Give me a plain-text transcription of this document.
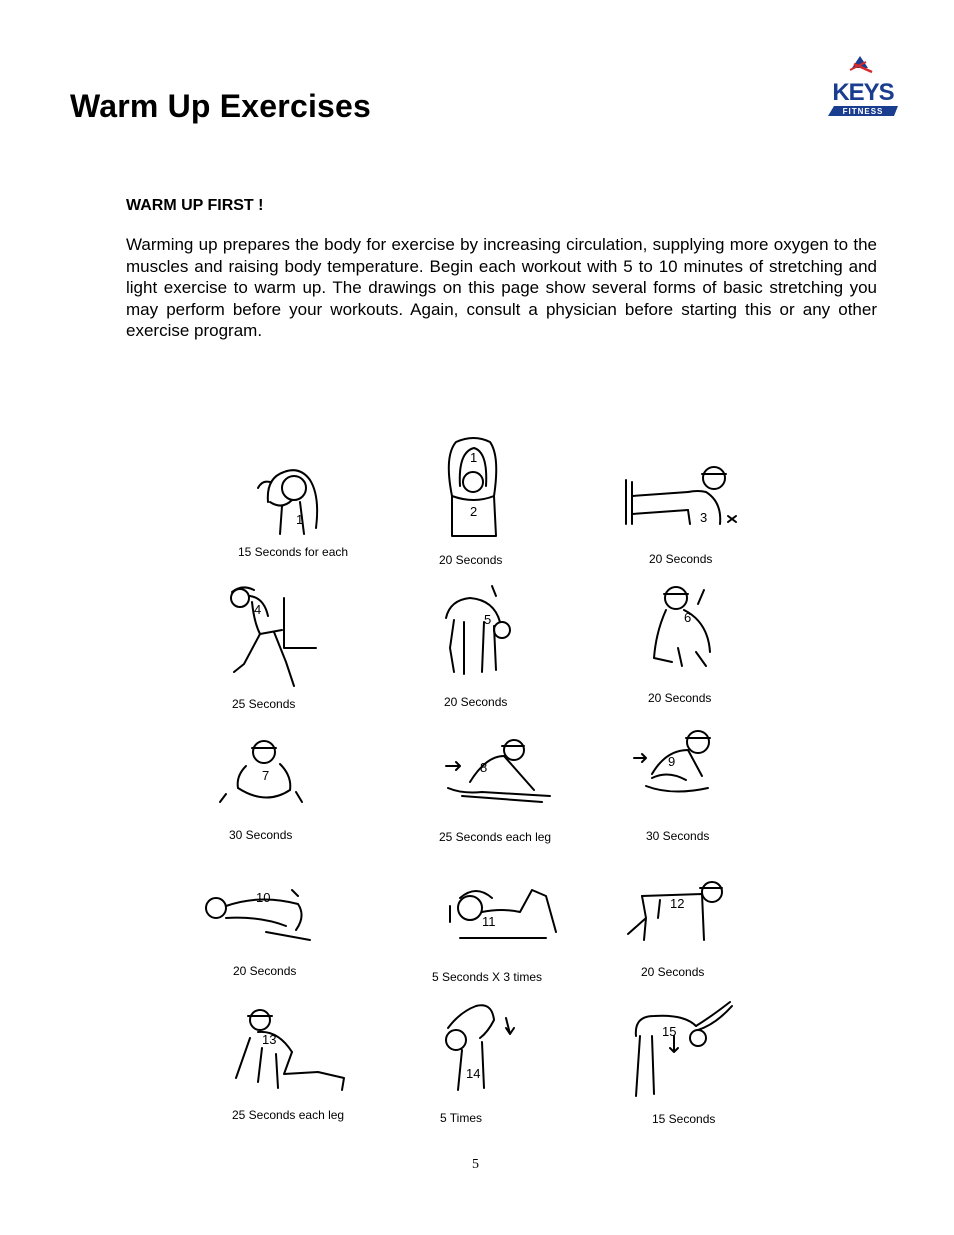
Warm Up Exercises	KEYS
FITNESS
WARM UP FIRST !
Warming up prepares the body for exercise by increasing circulation, supplying more oxygen to the muscles and raising body temperature. Begin each workout with 5 to 10 minutes of stretching and light exercise to warm up. The drawings on this page show several forms of basic stretching you may perform before your workouts. Again, consult a physician before starting this or any other exercise program.
1
15 Seconds for each
1
2
20 Seconds
3
20 Seconds
4
25 Seconds
5
20 Seconds
6
20 Seconds
7
30 Seconds
8
25 Seconds each leg
9
30 Seconds
10
20 Seconds
11
5 Seconds X 3 times
12
20 Seconds
13
25 Seconds each leg
14
5 Times
15
15 Seconds
5
